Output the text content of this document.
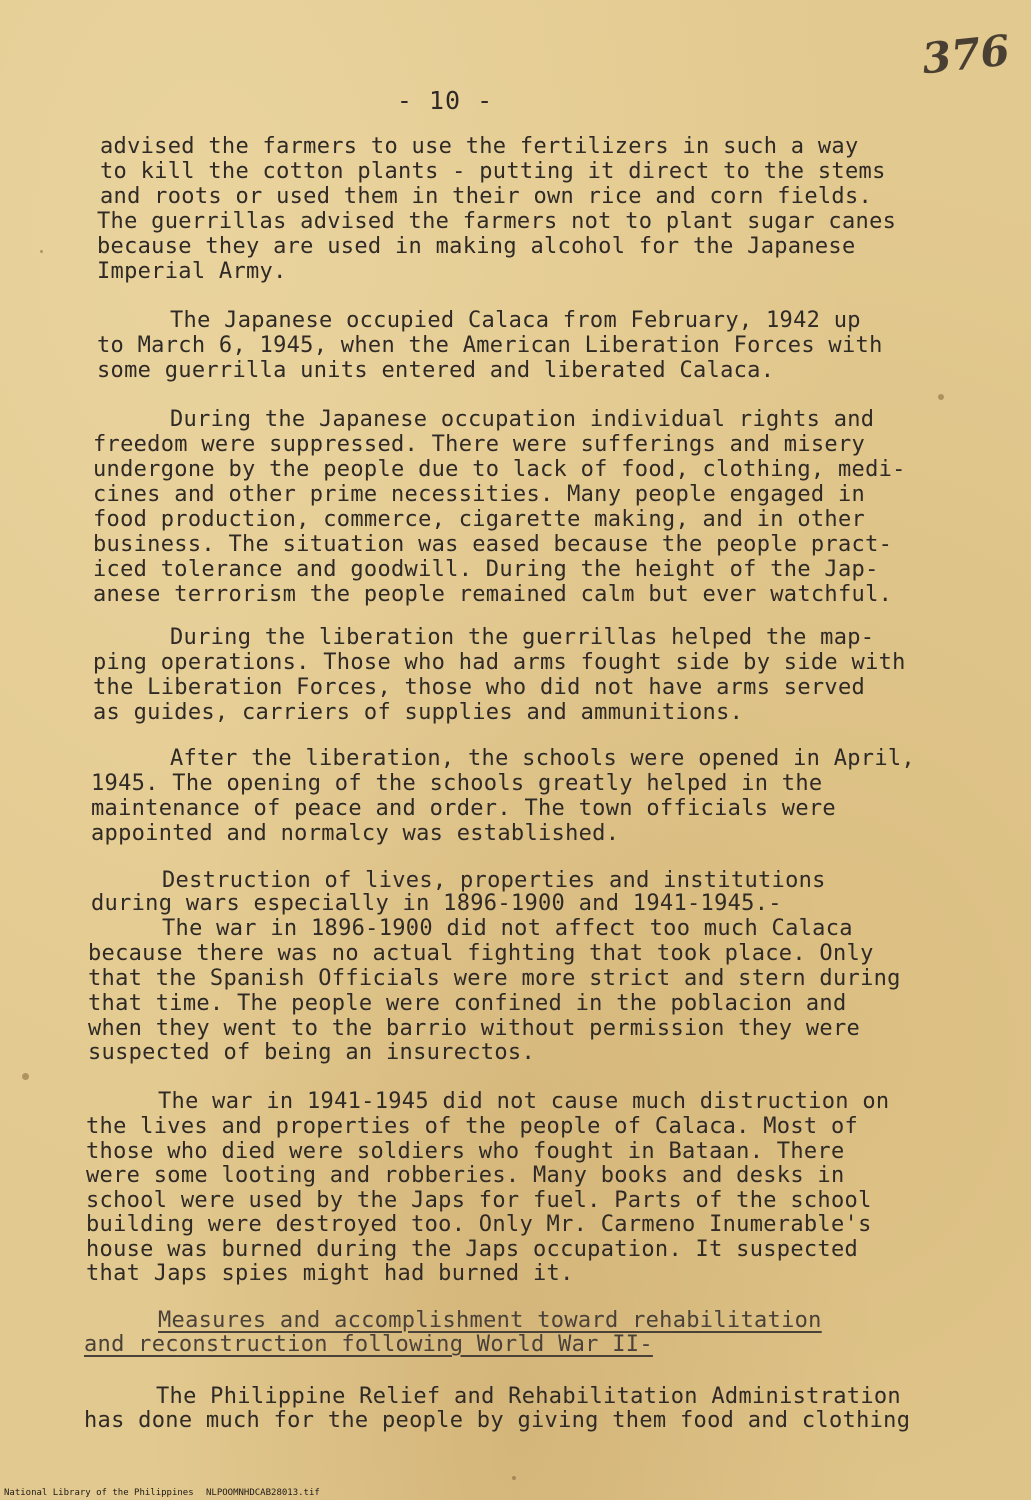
376
- 10 -
advised the farmers to use the fertilizers in such a way
to kill the cotton plants - putting it direct to the stems
and roots or used them in their own rice and corn fields.
The guerrillas advised the farmers not to plant sugar canes
because they are used in making alcohol for the Japanese
Imperial Army.
The Japanese occupied Calaca from February, 1942 up
to March 6, 1945, when the American Liberation Forces with
some guerrilla units entered and liberated Calaca.
During the Japanese occupation individual rights and
freedom were suppressed. There were sufferings and misery
undergone by the people due to lack of food, clothing, medi-
cines and other prime necessities. Many people engaged in
food production, commerce, cigarette making, and in other
business. The situation was eased because the people pract-
iced tolerance and goodwill. During the height of the Jap-
anese terrorism the people remained calm but ever watchful.
During the liberation the guerrillas helped the map-
ping operations. Those who had arms fought side by side with
the Liberation Forces, those who did not have arms served
as guides, carriers of supplies and ammunitions.
After the liberation, the schools were opened in April,
1945. The opening of the schools greatly helped in the
maintenance of peace and order. The town officials were
appointed and normalcy was established.
Destruction of lives, properties and institutions
during wars especially in 1896-1900 and 1941-1945.-
The war in 1896-1900 did not affect too much Calaca
because there was no actual fighting that took place. Only
that the Spanish Officials were more strict and stern during
that time. The people were confined in the poblacion and
when they went to the barrio without permission they were
suspected of being an insurectos.
The war in 1941-1945 did not cause much distruction on
the lives and properties of the people of Calaca. Most of
those who died were soldiers who fought in Bataan. There
were some looting and robberies. Many books and desks in
school were used by the Japs for fuel. Parts of the school
building were destroyed too. Only Mr. Carmeno Inumerable's
house was burned during the Japs occupation. It suspected
that Japs spies might had burned it.
Measures and accomplishment toward rehabilitation
and reconstruction following World War II-
The Philippine Relief and Rehabilitation Administration
has done much for the people by giving them food and clothing
National Library of the Philippines NLPOOMNHDCAB28013.tif
